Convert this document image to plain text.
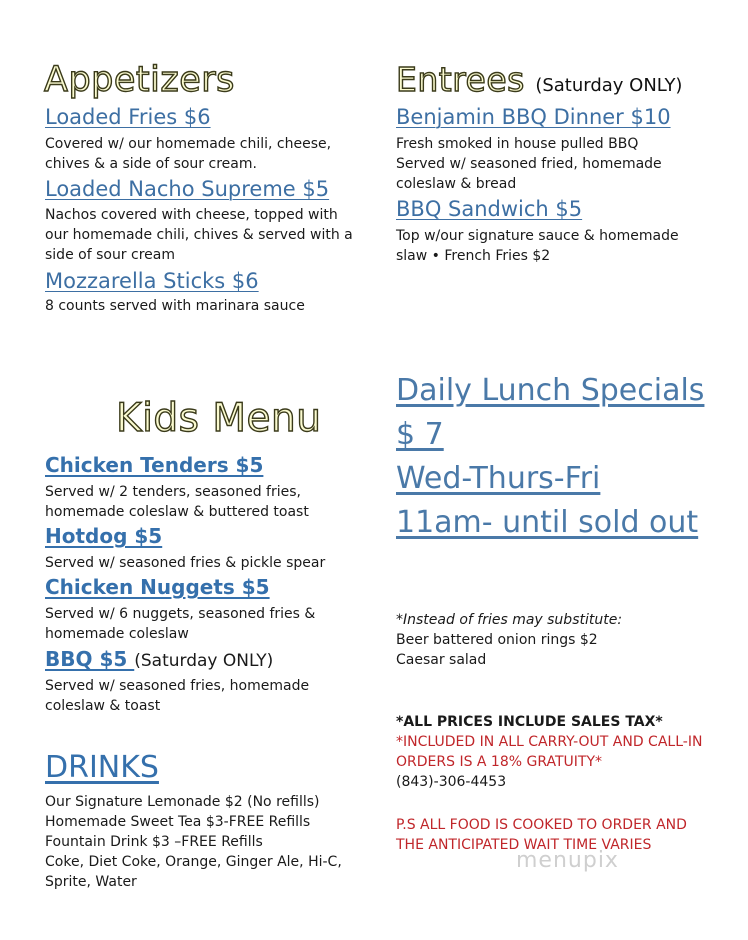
Appetizers
Loaded Fries $6
Covered w/ our homemade chili, cheese,
chives & a side of sour cream.
Loaded Nacho Supreme $5
Nachos covered with cheese, topped with
our homemade chili, chives & served with a
side of sour cream
Mozzarella Sticks $6
8 counts served with marinara sauce
Entrees (Saturday ONLY)
Benjamin BBQ Dinner $10
Fresh smoked in house pulled BBQ
Served w/ seasoned fried, homemade
coleslaw & bread
BBQ Sandwich $5
Top w/our signature sauce & homemade
slaw • French Fries $2
Kids Menu
Chicken Tenders $5
Served w/ 2 tenders, seasoned fries,
homemade coleslaw & buttered toast
Hotdog $5
Served w/ seasoned fries & pickle spear
Chicken Nuggets $5
Served w/ 6 nuggets, seasoned fries &
homemade coleslaw
BBQ $5 (Saturday ONLY)
Served w/ seasoned fries, homemade
coleslaw & toast
DRINKS
Our Signature Lemonade $2 (No refills)
Homemade Sweet Tea $3-FREE Refills
Fountain Drink $3 –FREE Refills
Coke, Diet Coke, Orange, Ginger Ale, Hi-C,
Sprite, Water
Daily Lunch Specials
$ 7
Wed-Thurs-Fri
11am- until sold out
*Instead of fries may substitute:
Beer battered onion rings $2
Caesar salad
*ALL PRICES INCLUDE SALES TAX*
*INCLUDED IN ALL CARRY-OUT AND CALL-IN
ORDERS IS A 18% GRATUITY*
(843)-306-4453
P.S ALL FOOD IS COOKED TO ORDER AND
THE ANTICIPATED WAIT TIME VARIES
menupix
